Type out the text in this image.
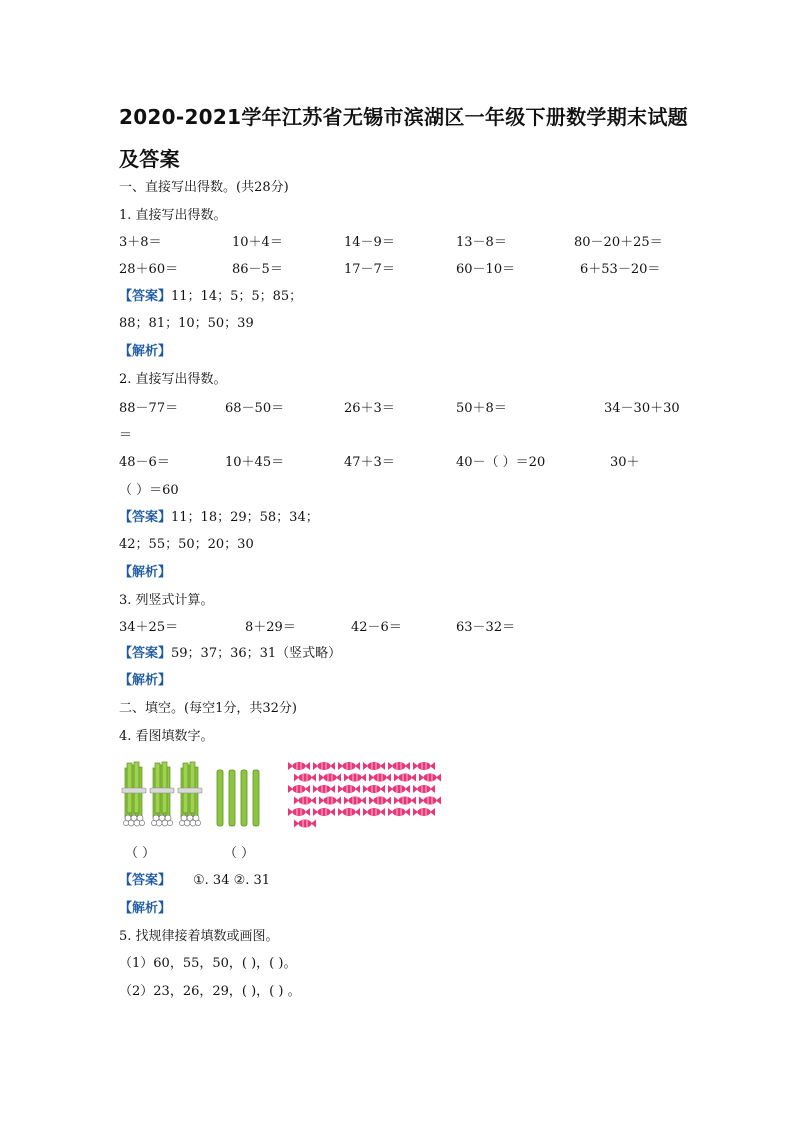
2020-2021学年江苏省无锡市滨湖区一年级下册数学期末试题及答案
一、直接写出得数。(共28分)
1. 直接写出得数。
3＋8＝	10＋4＝	14－9＝	13－8＝	80－20＋25＝
28＋60＝	86－5＝	17－7＝	60－10＝	6＋53－20＝
【答案】11；14；5；5；85；
88；81；10；50；39
【解析】
2. 直接写出得数。
88－77＝	68－50＝	26＋3＝	50＋8＝	34－30＋30
＝
48－6＝	10＋45＝	47＋3＝	40－（ ）＝20	30＋
（ ）＝60
【答案】11；18；29；58；34；
42；55；50；20；30
【解析】
3. 列竖式计算。
34＋25＝	8＋29＝	42－6＝	63－32＝
【答案】59；37；36；31（竖式略）
【解析】
二、填空。(每空1分，共32分)
4. 看图填数字。
（ ）	（ ）
【答案】 ①. 34 ②. 31
【解析】
5. 找规律接着填数或画图。
（1）60，55，50，( )，( )。
（2）23，26，29，( )，( ) 。
